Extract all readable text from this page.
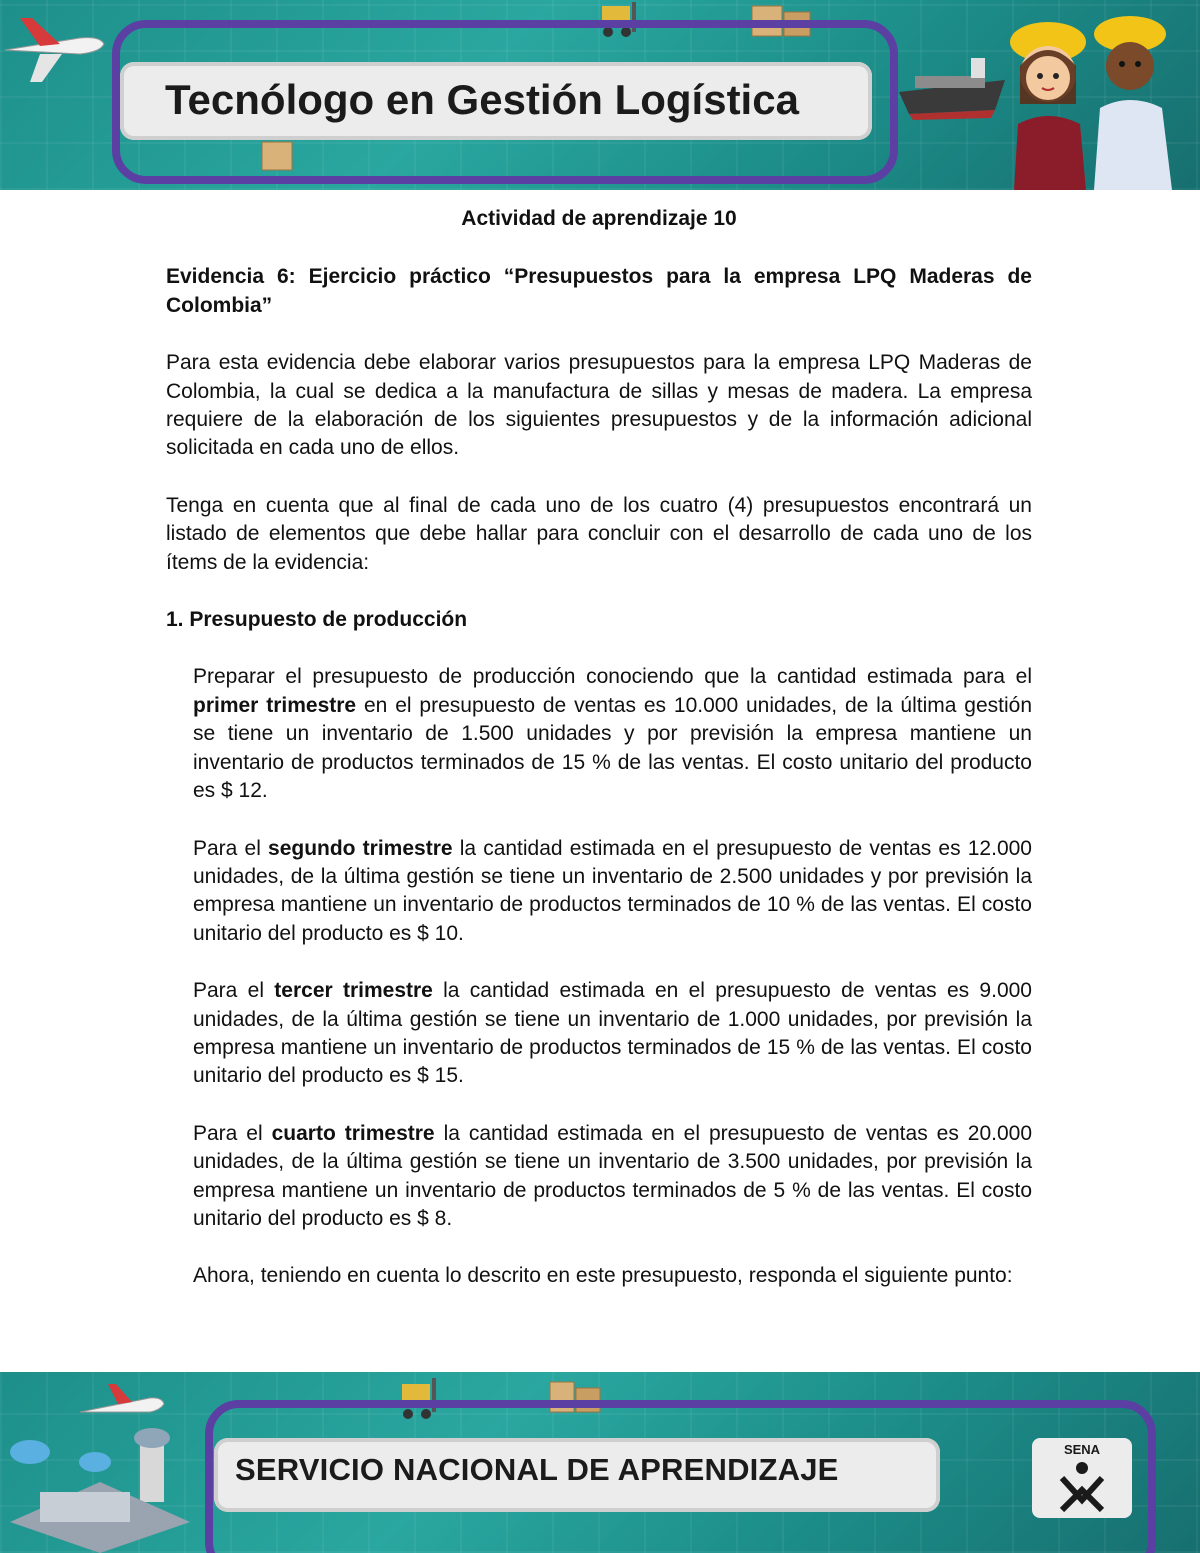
Tecnólogo en Gestión Logística
Actividad de aprendizaje 10

Evidencia 6: Ejercicio práctico “Presupuestos para la empresa LPQ Maderas de Colombia”

Para esta evidencia debe elaborar varios presupuestos para la empresa LPQ Maderas de Colombia, la cual se dedica a la manufactura de sillas y mesas de madera. La empresa requiere de la elaboración de los siguientes presupuestos y de la información adicional solicitada en cada uno de ellos.

Tenga en cuenta que al final de cada uno de los cuatro (4) presupuestos encontrará un listado de elementos que debe hallar para concluir con el desarrollo de cada uno de los ítems de la evidencia:

1. Presupuesto de producción

Preparar el presupuesto de producción conociendo que la cantidad estimada para el primer trimestre en el presupuesto de ventas es 10.000 unidades, de la última gestión se tiene un inventario de 1.500 unidades y por previsión la empresa mantiene un inventario de productos terminados de 15 % de las ventas. El costo unitario del producto es $ 12.

Para el segundo trimestre la cantidad estimada en el presupuesto de ventas es 12.000 unidades, de la última gestión se tiene un inventario de 2.500 unidades y por previsión la empresa mantiene un inventario de productos terminados de 10 % de las ventas. El costo unitario del producto es $ 10.

Para el tercer trimestre la cantidad estimada en el presupuesto de ventas es 9.000 unidades, de la última gestión se tiene un inventario de 1.000 unidades, por previsión la empresa mantiene un inventario de productos terminados de 15 % de las ventas. El costo unitario del producto es $ 15.

Para el cuarto trimestre la cantidad estimada en el presupuesto de ventas es 20.000 unidades, de la última gestión se tiene un inventario de 3.500 unidades, por previsión la empresa mantiene un inventario de productos terminados de 5 % de las ventas. El costo unitario del producto es $ 8.

Ahora, teniendo en cuenta lo descrito en este presupuesto, responda el siguiente punto:

SERVICIO NACIONAL DE APRENDIZAJE
SENA
